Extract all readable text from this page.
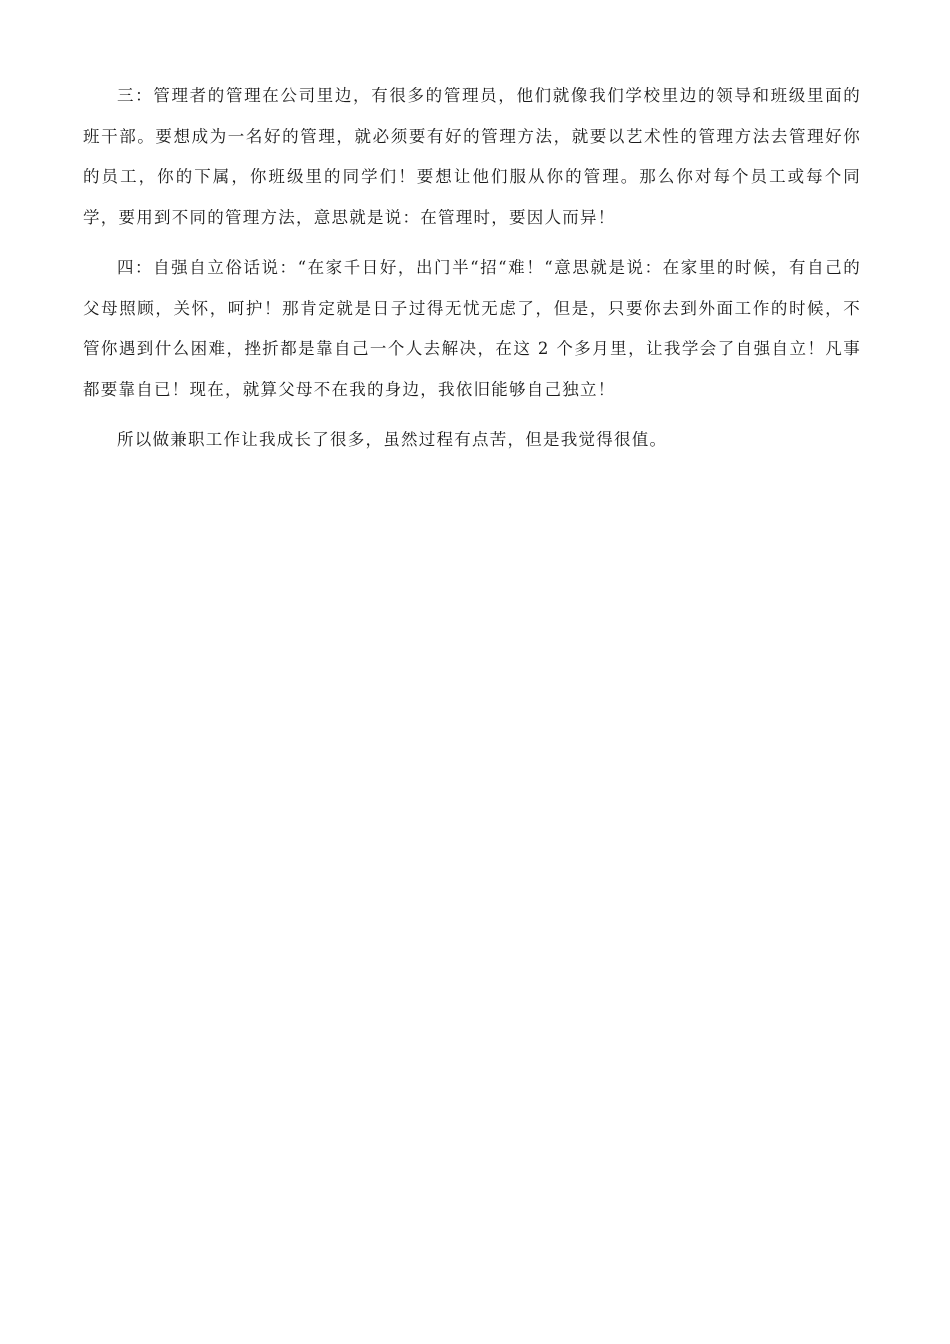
三：管理者的管理在公司里边，有很多的管理员，他们就像我们学校里边的领导和班级里面的班干部。要想成为一名好的管理，就必须要有好的管理方法，就要以艺术性的管理方法去管理好你的员工，你的下属，你班级里的同学们！要想让他们服从你的管理。那么你对每个员工或每个同学，要用到不同的管理方法，意思就是说：在管理时，要因人而异！

四：自强自立俗话说：“在家千日好，出门半“招“难！“意思就是说：在家里的时候，有自己的父母照顾，关怀，呵护！那肯定就是日子过得无忧无虑了，但是，只要你去到外面工作的时候，不管你遇到什么困难，挫折都是靠自己一个人去解决，在这 2 个多月里，让我学会了自强自立！凡事都要靠自已！现在，就算父母不在我的身边，我依旧能够自己独立！

所以做兼职工作让我成长了很多，虽然过程有点苦，但是我觉得很值。
